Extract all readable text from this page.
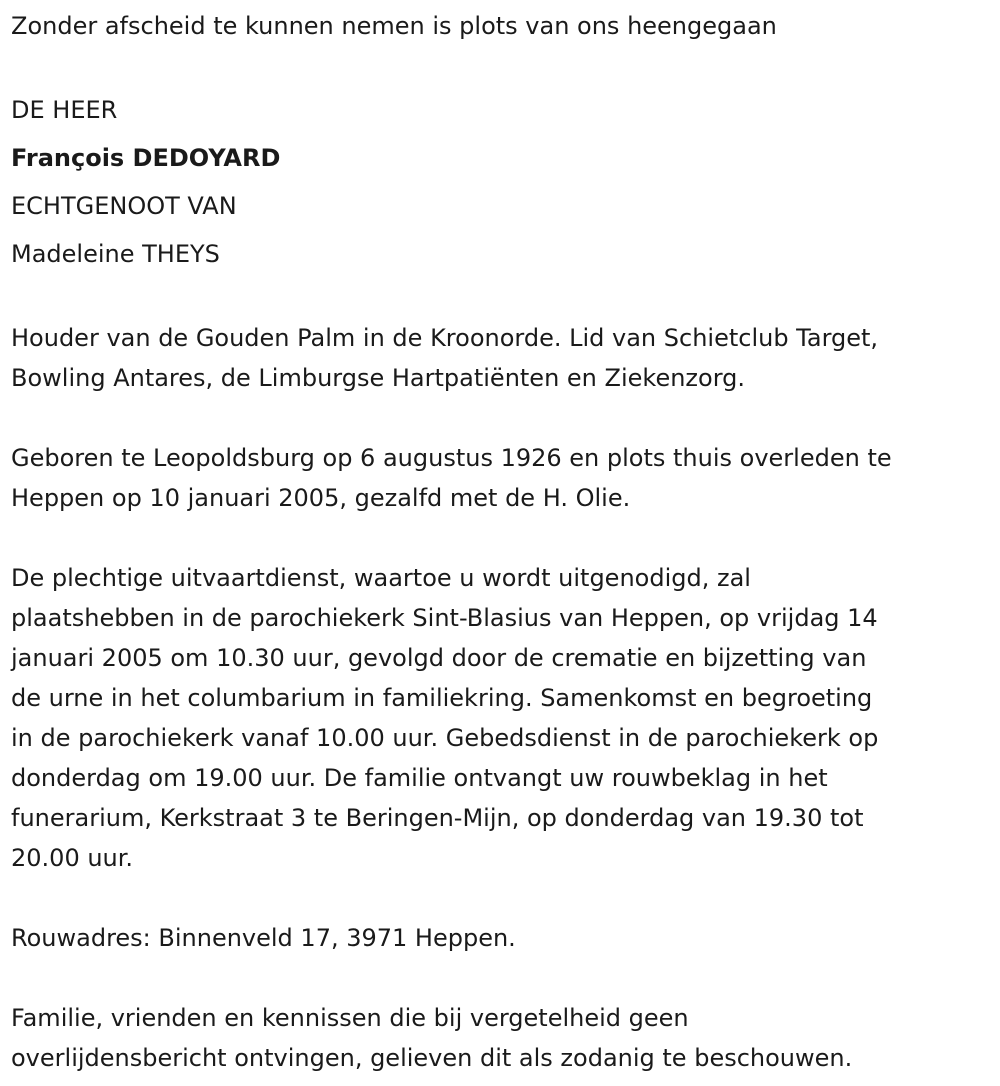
Zonder afscheid te kunnen nemen is plots van ons heengegaan

DE HEER

François DEDOYARD

ECHTGENOOT VAN

Madeleine THEYS

Houder van de Gouden Palm in de Kroonorde. Lid van Schietclub Target,

Bowling Antares, de Limburgse Hartpatiënten en Ziekenzorg.

Geboren te Leopoldsburg op 6 augustus 1926 en plots thuis overleden te

Heppen op 10 januari 2005, gezalfd met de H. Olie.

De plechtige uitvaartdienst, waartoe u wordt uitgenodigd, zal

plaatshebben in de parochiekerk Sint-Blasius van Heppen, op vrijdag 14

januari 2005 om 10.30 uur, gevolgd door de crematie en bijzetting van

de urne in het columbarium in familiekring. Samenkomst en begroeting

in de parochiekerk vanaf 10.00 uur. Gebedsdienst in de parochiekerk op

donderdag om 19.00 uur. De familie ontvangt uw rouwbeklag in het

funerarium, Kerkstraat 3 te Beringen-Mijn, op donderdag van 19.30 tot

20.00 uur.

Rouwadres: Binnenveld 17, 3971 Heppen.

Familie, vrienden en kennissen die bij vergetelheid geen

overlijdensbericht ontvingen, gelieven dit als zodanig te beschouwen.
